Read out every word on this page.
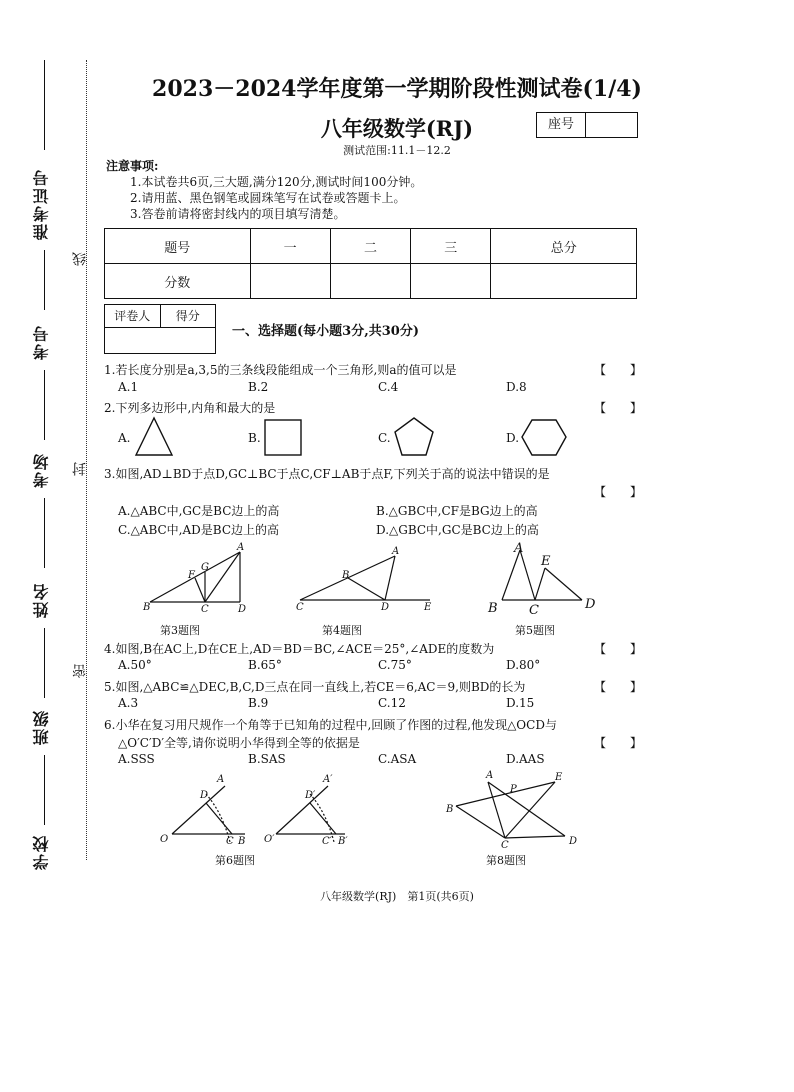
准考证号
考号
考场
姓名
班级
学校
线
封
密
2023－2024学年度第一学期阶段性测试卷(1/4)
八年级数学(RJ)	座号
测试范围:11.1－12.2
注意事项:
1.本试卷共6页,三大题,满分120分,测试时间100分钟。
2.请用蓝、黑色钢笔或圆珠笔写在试卷或答题卡上。
3.答卷前请将密封线内的项目填写清楚。
题号	一	二	三	总分
分数				
评卷人	得分
一、选择题(每小题3分,共30分)
1.若长度分别是a,3,5的三条线段能组成一个三角形,则a的值可以是	【　　】
A.1	B.2	C.4	D.8
2.下列多边形中,内角和最大的是	【　　】
A.	B.	C.	D.
3.如图,AD⊥BD于点D,GC⊥BC于点C,CF⊥AB于点F,下列关于高的说法中错误的是
【　　】
A.△ABC中,GC是BC边上的高	B.△GBC中,CF是BG边上的高
C.△ABC中,AD是BC边上的高	D.△GBC中,GC是BC边上的高
A
B	C	D
F
G
A
B
C	D	E
A
B C	D
E
第3题图	第4题图	第5题图
4.如图,B在AC上,D在CE上,AD＝BD＝BC,∠ACE＝25°,∠ADE的度数为	【　　】
A.50°	B.65°	C.75°	D.80°
5.如图,△ABC≌△DEC,B,C,D三点在同一直线上,若CE＝6,AC＝9,则BD的长为	【　　】
A.3	B.9	C.12	D.15
6.小华在复习用尺规作一个角等于已知角的过程中,回顾了作图的过程,他发现△OCD与
△O′C′D′全等,请你说明小华得到全等的依据是	【　　】
A.SSS	B.SAS	C.ASA	D.AAS
A
D
O	C B
A′
D′
O′	C′ B′
A
B
C	D
E
P
第6题图	第8题图
八年级数学(RJ)　第1页(共6页)
